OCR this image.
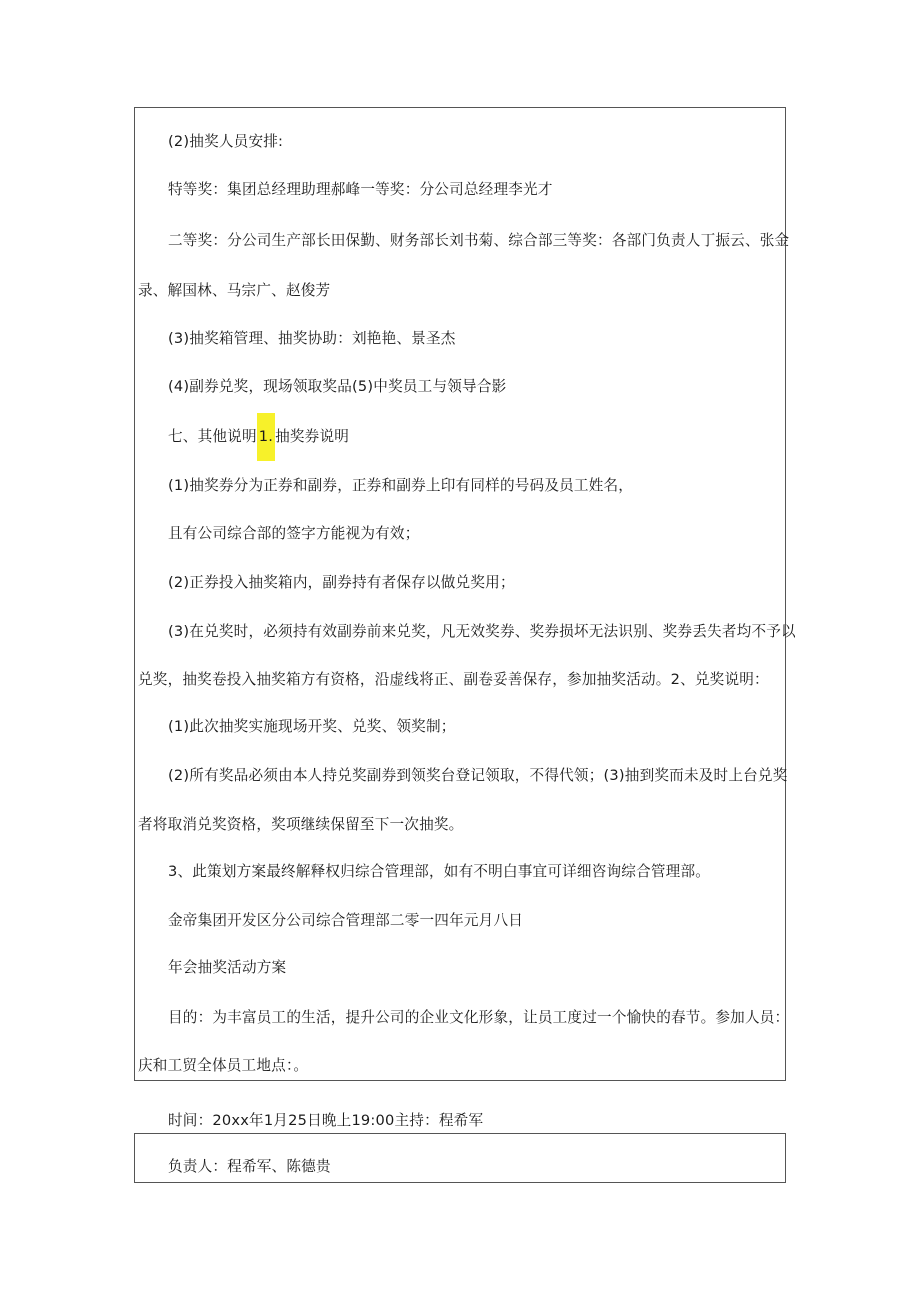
(2)抽奖人员安排:
特等奖：集团总经理助理郝峰一等奖：分公司总经理李光才
二等奖：分公司生产部长田保勤、财务部长刘书菊、综合部三等奖：各部门负责人丁振云、张金
录、解国林、马宗广、赵俊芳
(3)抽奖箱管理、抽奖协助：刘艳艳、景圣杰
(4)副券兑奖，现场领取奖品(5)中奖员工与领导合影
七、其他说明 1. 抽奖券说明
(1)抽奖券分为正券和副券，正券和副券上印有同样的号码及员工姓名，
且有公司综合部的签字方能视为有效；
(2)正券投入抽奖箱内，副券持有者保存以做兑奖用；
(3)在兑奖时，必须持有效副券前来兑奖，凡无效奖券、奖券损坏无法识别、奖券丢失者均不予以
兑奖，抽奖卷投入抽奖箱方有资格，沿虚线将正、副卷妥善保存，参加抽奖活动。2、兑奖说明：
(1)此次抽奖实施现场开奖、兑奖、领奖制；
(2)所有奖品必须由本人持兑奖副券到领奖台登记领取，不得代领；(3)抽到奖而未及时上台兑奖
者将取消兑奖资格，奖项继续保留至下一次抽奖。
3、此策划方案最终解释权归综合管理部，如有不明白事宜可详细咨询综合管理部。
金帝集团开发区分公司综合管理部二零一四年元月八日
年会抽奖活动方案
目的：为丰富员工的生活，提升公司的企业文化形象，让员工度过一个愉快的春节。参加人员：
庆和工贸全体员工地点：。
时间：20xx年1月25日晚上19:00主持：程希军
负责人：程希军、陈德贵
